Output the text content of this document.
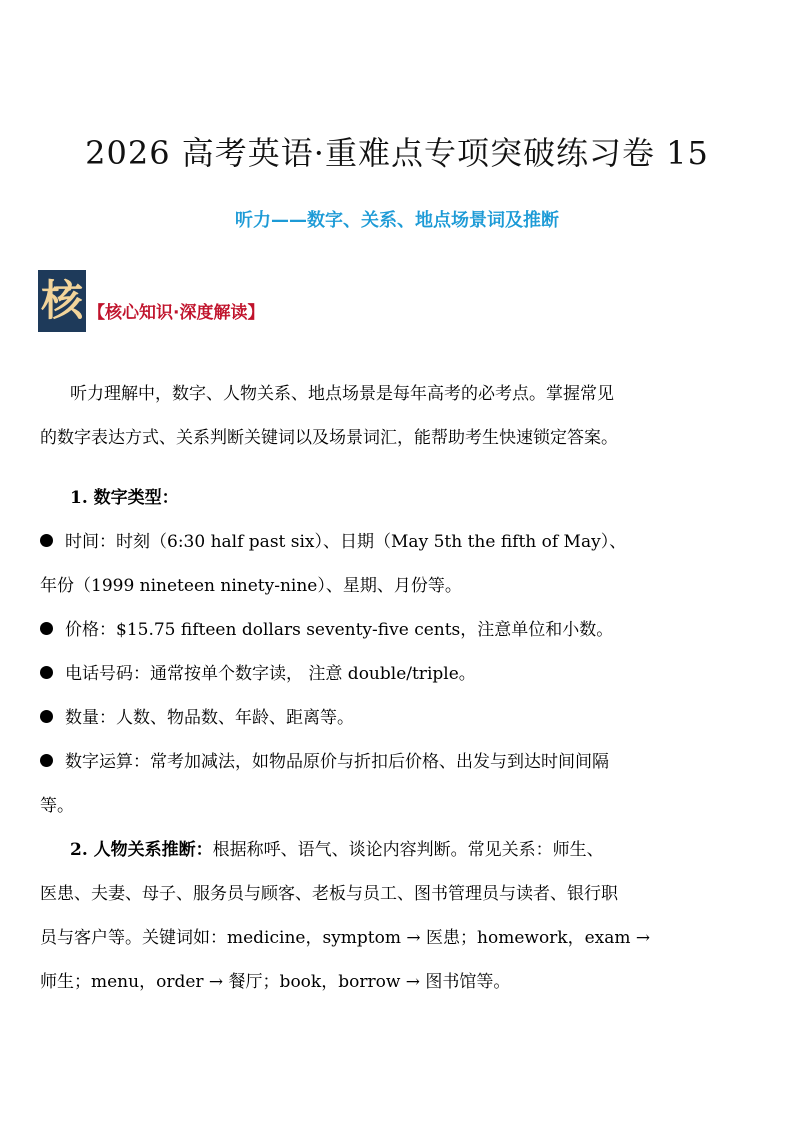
2026 高考英语·重难点专项突破练习卷 15
听力——数字、关系、地点场景词及推断
核 【核心知识·深度解读】
听力理解中，数字、人物关系、地点场景是每年高考的必考点。掌握常见
的数字表达方式、关系判断关键词以及场景词汇，能帮助考生快速锁定答案。
1. 数字类型：
时间：时刻（6:30 half past six）、日期（May 5th the fifth of May）、
年份（1999 nineteen ninety-nine）、星期、月份等。
价格：$15.75 fifteen dollars seventy-five cents，注意单位和小数。
电话号码：通常按单个数字读， 注意 double/triple。
数量：人数、物品数、年龄、距离等。
数字运算：常考加减法，如物品原价与折扣后价格、出发与到达时间间隔
等。
2. 人物关系推断：根据称呼、语气、谈论内容判断。常见关系：师生、
医患、夫妻、母子、服务员与顾客、老板与员工、图书管理员与读者、银行职
员与客户等。关键词如：medicine，symptom → 医患；homework，exam →
师生；menu，order → 餐厅；book，borrow → 图书馆等。
